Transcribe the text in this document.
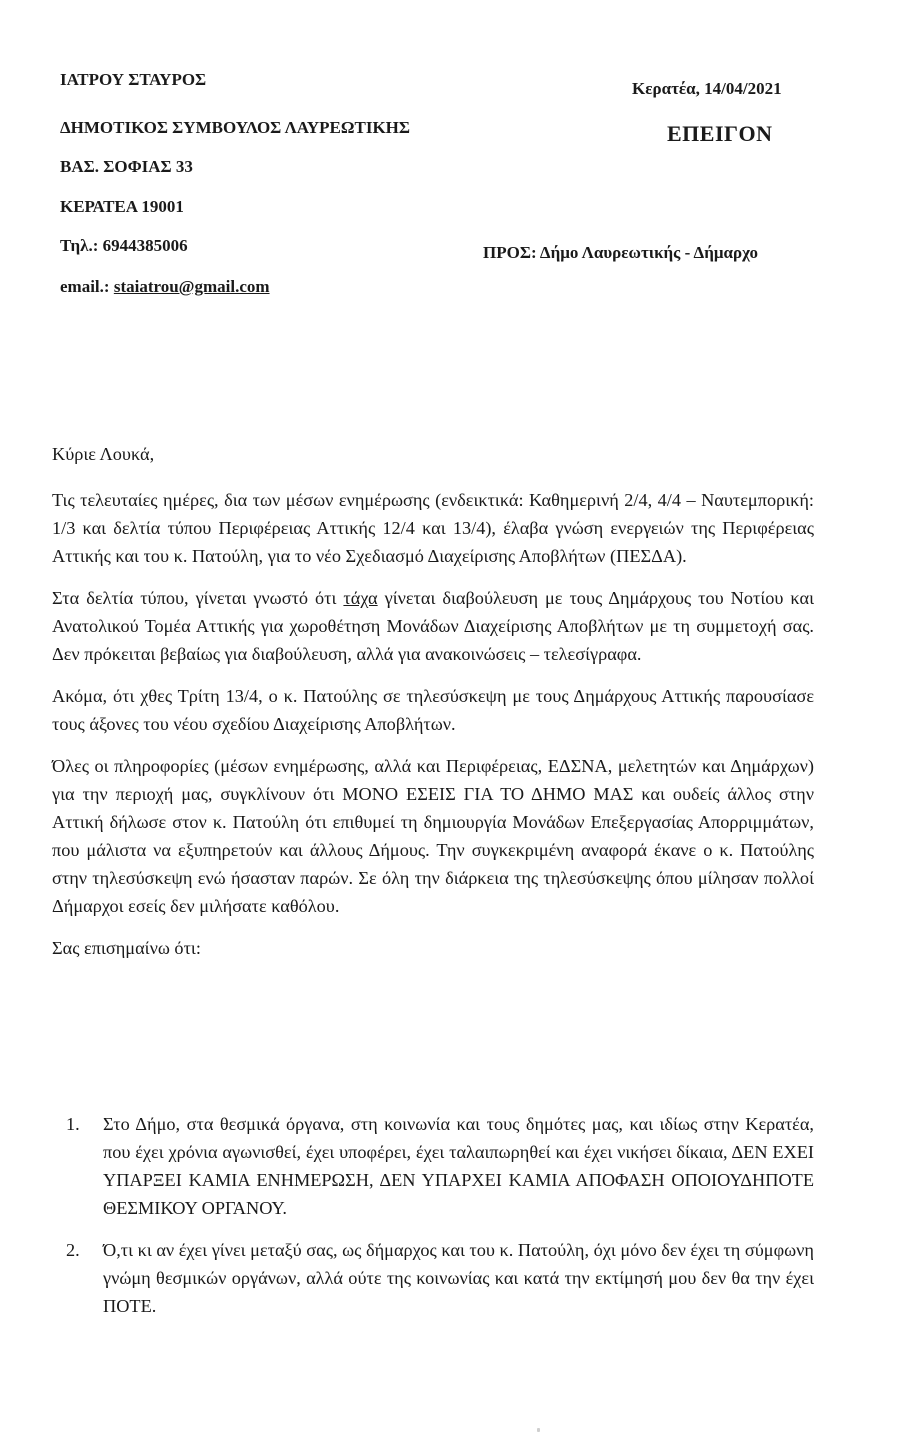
ΙΑΤΡΟΥ ΣΤΑΥΡΟΣ
ΔΗΜΟΤΙΚΟΣ ΣΥΜΒΟΥΛΟΣ ΛΑΥΡΕΩΤΙΚΗΣ
ΒΑΣ. ΣΟΦΙΑΣ 33
ΚΕΡΑΤΕΑ 19001
Τηλ.: 6944385006
email.: staiatrou@gmail.com
Κερατέα, 14/04/2021
ΕΠΕΙΓΟΝ
ΠΡΟΣ: Δήμο Λαυρεωτικής - Δήμαρχο

Κύριε Λουκά,

Τις τελευταίες ημέρες, δια των μέσων ενημέρωσης (ενδεικτικά: Καθημερινή 2/4, 4/4 – Ναυτεμπορική: 1/3 και δελτία τύπου Περιφέρειας Αττικής 12/4 και 13/4), έλαβα γνώση ενεργειών της Περιφέρειας Αττικής και του κ. Πατούλη, για το νέο Σχεδιασμό Διαχείρισης Αποβλήτων (ΠΕΣΔΑ).

Στα δελτία τύπου, γίνεται γνωστό ότι τάχα γίνεται διαβούλευση με τους Δημάρχους του Νοτίου και Ανατολικού Τομέα Αττικής για χωροθέτηση Μονάδων Διαχείρισης Αποβλήτων με τη συμμετοχή σας. Δεν πρόκειται βεβαίως για διαβούλευση, αλλά για ανακοινώσεις – τελεσίγραφα.

Ακόμα, ότι χθες Τρίτη 13/4, ο κ. Πατούλης σε τηλεσύσκεψη με τους Δημάρχους Αττικής παρουσίασε τους άξονες του νέου σχεδίου Διαχείρισης Αποβλήτων.

Όλες οι πληροφορίες (μέσων ενημέρωσης, αλλά και Περιφέρειας, ΕΔΣΝΑ, μελετητών και Δημάρχων) για την περιοχή μας, συγκλίνουν ότι ΜΟΝΟ ΕΣΕΙΣ ΓΙΑ ΤΟ ΔΗΜΟ ΜΑΣ και ουδείς άλλος στην Αττική δήλωσε στον κ. Πατούλη ότι επιθυμεί τη δημιουργία Μονάδων Επεξεργασίας Απορριμμάτων, που μάλιστα να εξυπηρετούν και άλλους Δήμους. Την συγκεκριμένη αναφορά έκανε ο κ. Πατούλης στην τηλεσύσκεψη ενώ ήσασταν παρών. Σε όλη την διάρκεια της τηλεσύσκεψης όπου μίλησαν πολλοί Δήμαρχοι εσείς δεν μιλήσατε καθόλου.

Σας επισημαίνω ότι:

1. Στο Δήμο, στα θεσμικά όργανα, στη κοινωνία και τους δημότες μας, και ιδίως στην Κερατέα, που έχει χρόνια αγωνισθεί, έχει υποφέρει, έχει ταλαιπωρηθεί και έχει νικήσει δίκαια, ΔΕΝ ΕΧΕΙ ΥΠΑΡΞΕΙ ΚΑΜΙΑ ΕΝΗΜΕΡΩΣΗ, ΔΕΝ ΥΠΑΡΧΕΙ ΚΑΜΙΑ ΑΠΟΦΑΣΗ ΟΠΟΙΟΥΔΗΠΟΤΕ ΘΕΣΜΙΚΟΥ ΟΡΓΑΝΟΥ.
2. Ό,τι κι αν έχει γίνει μεταξύ σας, ως δήμαρχος και του κ. Πατούλη, όχι μόνο δεν έχει τη σύμφωνη γνώμη θεσμικών οργάνων, αλλά ούτε της κοινωνίας και κατά την εκτίμησή μου δεν θα την έχει ΠΟΤΕ.
